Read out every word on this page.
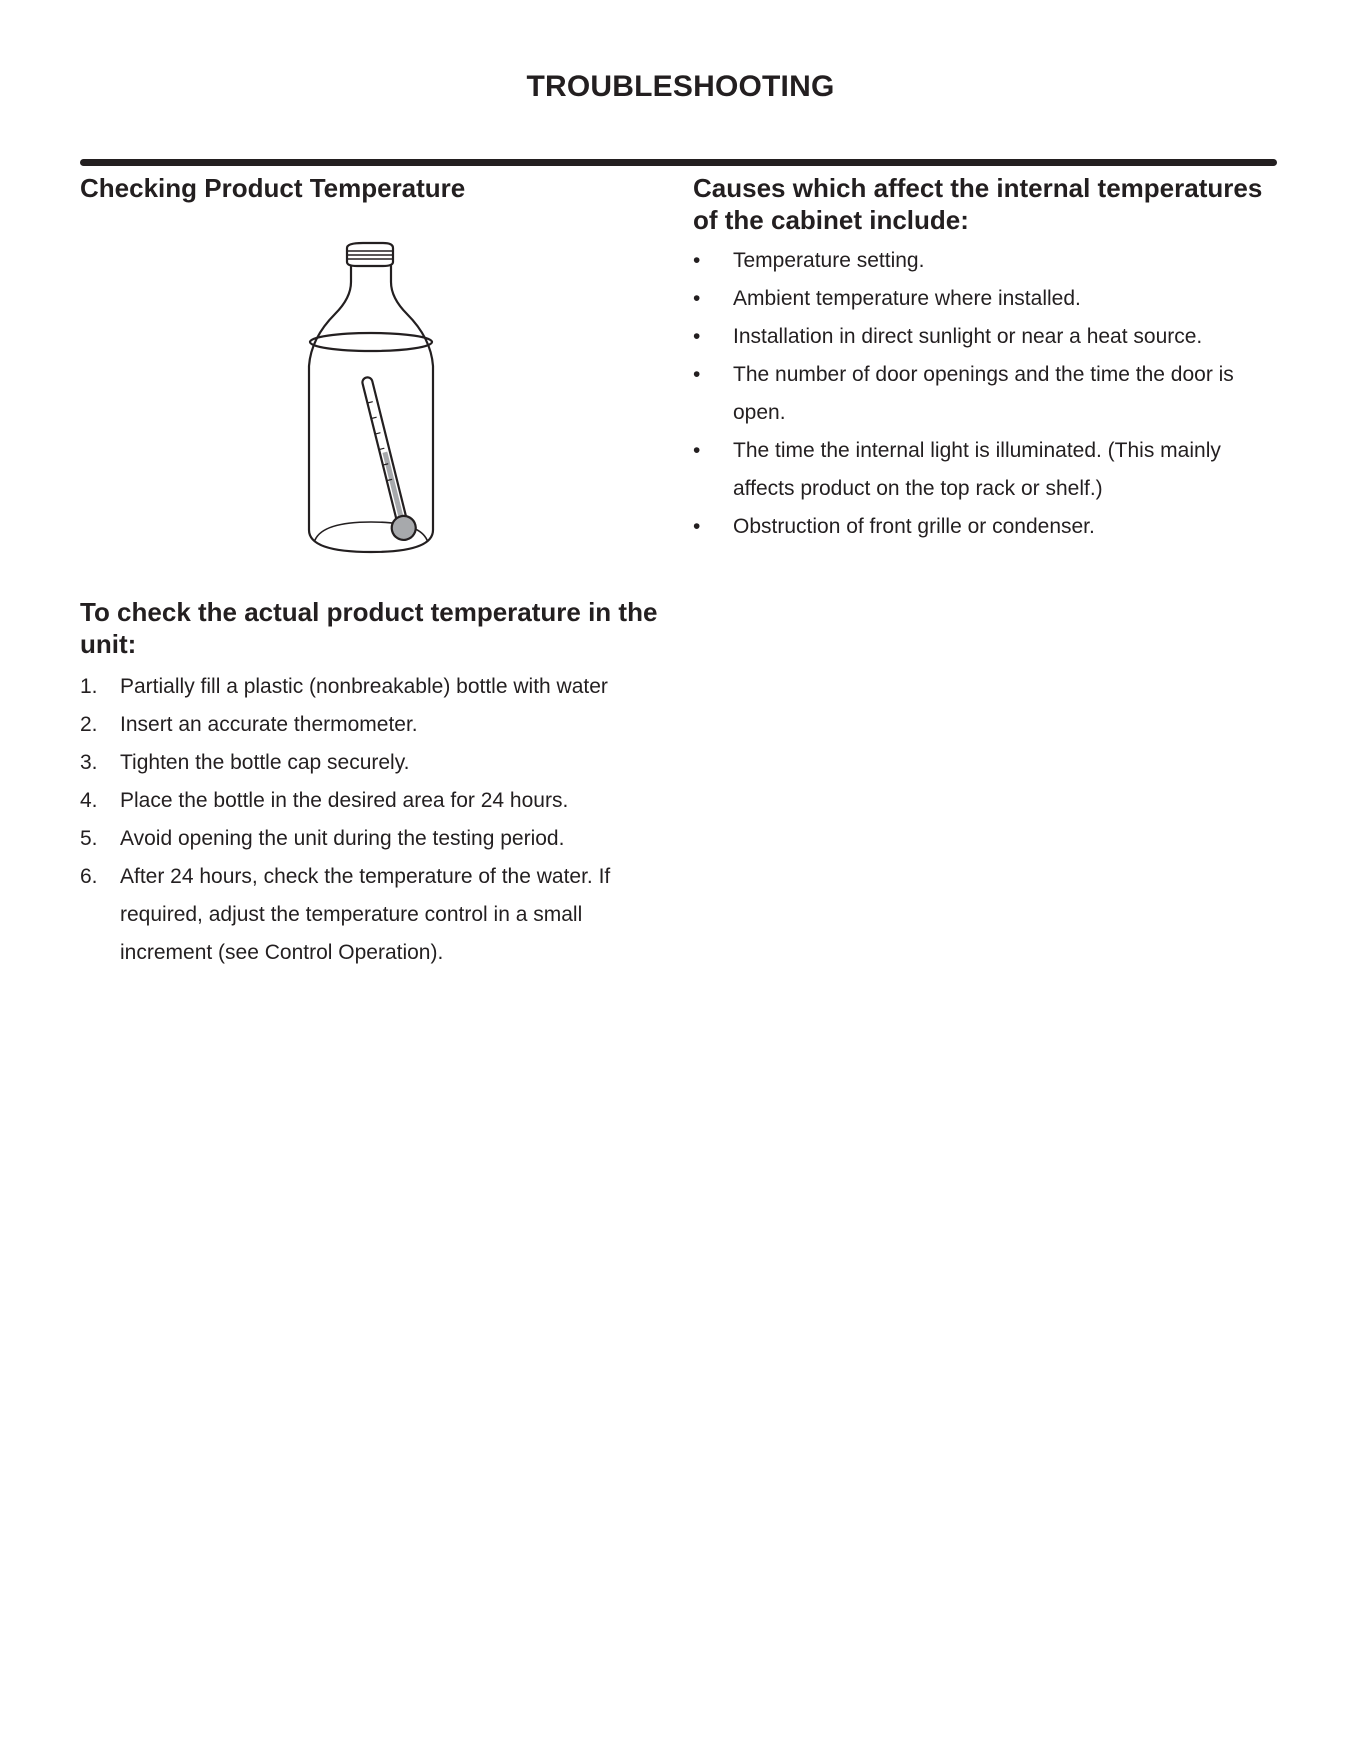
TROUBLESHOOTING
Checking Product Temperature
To check the actual product temperature in the unit:
1. Partially fill a plastic (nonbreakable) bottle with water
2. Insert an accurate thermometer.
3. Tighten the bottle cap securely.
4. Place the bottle in the desired area for 24 hours.
5. Avoid opening the unit during the testing period.
6. After 24 hours, check the temperature of the water. If required, adjust the temperature control in a small increment (see Control Operation).
Causes which affect the internal temperatures of the cabinet include:
• Temperature setting.
• Ambient temperature where installed.
• Installation in direct sunlight or near a heat source.
• The number of door openings and the time the door is open.
• The time the internal light is illuminated. (This mainly affects product on the top rack or shelf.)
• Obstruction of front grille or condenser.
